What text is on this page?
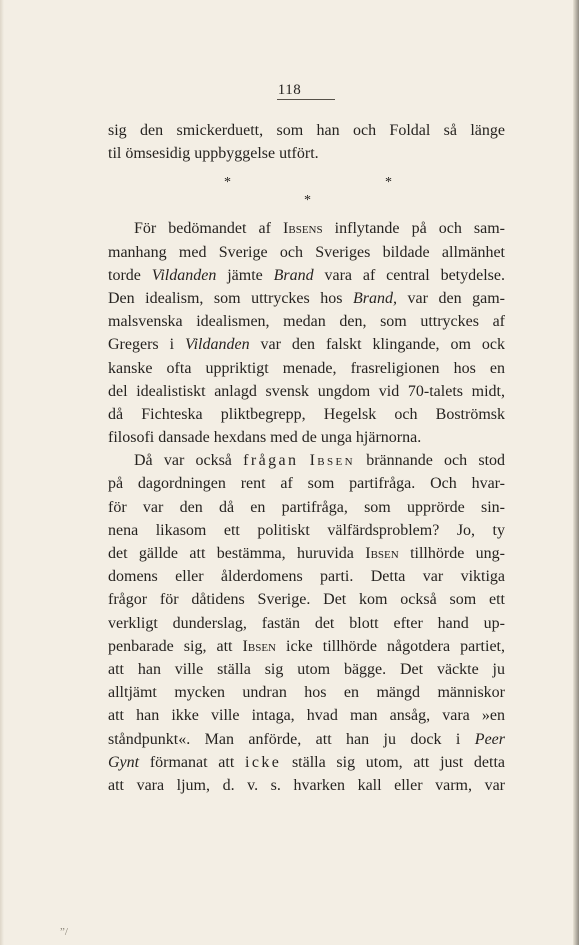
118
sig den smickerduett, som han och Foldal så länge
til ömsesidig uppbyggelse utfört.
*	*
*
För bedömandet af Ibsens inflytande på och sam-
manhang med Sverige och Sveriges bildade allmänhet
torde Vildanden jämte Brand vara af central betydelse.
Den idealism, som uttryckes hos Brand, var den gam-
malsvenska idealismen, medan den, som uttryckes af
Gregers i Vildanden var den falskt klingande, om ock
kanske ofta uppriktigt menade, frasreligionen hos en
del idealistiskt anlagd svensk ungdom vid 70-talets midt,
då Fichteska pliktbegrepp, Hegelsk och Boströmsk
filosofi dansade hexdans med de unga hjärnorna.
Då var också frågan Ibsen brännande och stod
på dagordningen rent af som partifråga. Och hvar-
för var den då en partifråga, som upprörde sin-
nena likasom ett politiskt välfärdsproblem? Jo, ty
det gällde att bestämma, huruvida Ibsen tillhörde ung-
domens eller ålderdomens parti. Detta var viktiga
frågor för dåtidens Sverige. Det kom också som ett
verkligt dunderslag, fastän det blott efter hand up-
penbarade sig, att Ibsen icke tillhörde någotdera partiet,
att han ville ställa sig utom bägge. Det väckte ju
alltjämt mycken undran hos en mängd människor
att han ikke ville intaga, hvad man ansåg, vara »en
ståndpunkt«. Man anförde, att han ju dock i Peer
Gynt förmanat att icke ställa sig utom, att just detta
att vara ljum, d. v. s. hvarken kall eller varm, var
”/
